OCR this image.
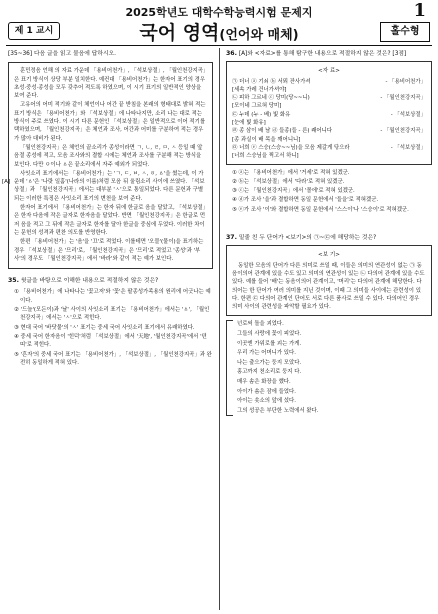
2025학년도 대학수학능력시험 문제지	1
제 1 교시	국어 영역(언어와 매체)	홀수형
[35~36] 다음 글을 읽고 물음에 답하시오.
[A]

훈민정음 언해 의 자료 가운데 「용비어천가」, 「석보상절」, 「월인천강지곡」은 표기 방식이 상당 부분 일치한다. 예컨대 「용비어천가」는 한자어 표기의 경우 초성·중성·종성을 모두 갖추어 적도록 하였으며, 이 시기 표기의 일반적인 양상을 보여 준다.

고유어의 어미 적기와 같이 체언이나 어간 끝 받침을 본래의 형태대로 밝혀 적는 표기 방식은 「용비어천가」와 「석보상절」에 나타나지만, 소리 나는 대로 적는 방식이 주로 쓰였다. 이 시기 다른 문헌인 「석보상절」은 일반적으로 이어 적기를 택하였으며, 「월인천강지곡」은 체언과 조사, 어간과 어미를 구분하여 적는 경우가 많아 대비가 된다.

「월인천강지곡」은 체언의 끝소리가 종성이라면 ㄱ, ㄴ, ㄹ, ㅁ, ㅅ 등일 때 앞 음절 종성에 적고, 모음 조사와의 결합 시에는 체언과 조사를 구분해 적는 방식을 보인다. 다만 ㅇ이나 ㅿ은 끝소리에서 자주 예외가 되었다.

사잇소리 표기에서는 「용비어천가」는 'ㄱ, ㄷ, ㅂ, ㅅ, ㆆ, ㅿ'을 썼는데, 이 가운데 'ㅿ'은 '나랏 일홈'(나라의 이름)처럼 모음 뒤 울림소리 사이에 쓰였다. 「석보상절」과 「월인천강지곡」에서는 대부분 'ㅅ'으로 통일되었다. 다른 문헌과 구별되는 이러한 특징은 사잇소리 표기의 변천을 보여 준다.

한자어 표기에서 「용비어천가」는 한자 뒤에 한글로 음을 달았고, 「석보상절」은 한자 다음에 작은 글자로 한자음을 달았다. 반면 「월인천강지곡」은 한글로 먼저 음을 적고 그 뒤에 작은 글자로 한자를 달아 한글을 중심에 두었다. 이러한 차이는 문헌의 성격과 편찬 의도를 반영한다.

한편 「용비어천가」는 '음'을 '끄'로 적었다. 이를테면 '오믈'(물이)을 표기하는 경우 「석보상절」은 '므리'로, 「월인천강지곡」은 '므리'로 적었고 '종성'과 '부사'의 경우도 「월인천강지곡」에서 '바라'와 같이 적는 예가 보인다.

35. 윗글을 바탕으로 이해한 내용으로 적절하지 않은 것은?
① 「용비어천가」에 나타나는 '꽃고저'와 '꽃'은 팔종성가족용의 원리에 어긋나는 예이다.
② '드늘'(모든이)과 '날' 사이의 사잇소리 표기는 「용비어천가」에서는 'ㅿ', 「월인천강지곡」에서는 'ㅅ'으로 적힌다.
③ 현대 국어 '바닷물'의 'ㅅ' 표기는 중세 국어 사잇소리 표기에서 유래하였다.
④ 중세 국어 한자음이 '힌덕'처럼 「석보상절」에서 '天地', '월인천강지곡'에서 '텬띠'로 적힌다.
⑤ '흔자'의 중세 국어 표기는 「용비어천가」, 「석보상절」, 「월인천강지곡」과 완전히 동일하게 적혀 있다.
36. [A]와 <자료>를 통해 탐구한 내용으로 적절하지 않은 것은? [3점]
<자 료>
㉠ 더너 ⓐ 기쇠 ⓑ 서뫼 잔사가셔	- 「용비어천가」
[세속 가레 건너가셔야]
㉡ 피하 그르네 ⓒ 당미(당~~니)	- 「월인천강지곡」
[모이네 그르혀 당미]
㉢ 누데 (누 - 베) 빛 화유	- 「석보상절」
[눈에 빛 화유]
㉣ 종 삼이 배 남 ⓓ 들종(들 - 른) 쾌어니다	- 「월인천강지곡」
[종 과실이 배 목을 깨어니니]
㉤ 너희 ⓔ 스승(스승~~님)을 모음 제갈게 닦으라	- 「석보상절」
[너희 스승님을 찍고서 하니]
① ⓐ는 「용비어천가」에서 '거세'로 적혀 있겠군.
② ⓑ는 「석보상절」에서 '다라'로 적혀 있겠군.
③ ⓒ는 「월인천강지곡」에서 '몰에'로 적혀 있겠군.
④ ⓓ가 조사 '을'과 결합하면 동일 문헌에서 '들을'로 적혀겠군.
⑤ ⓔ가 조사 '이'와 결합하면 동일 문헌에서 '스스이'나 '스승이'로 적혀겠군.
37. 밑줄 친 두 단어가 <보기>의 ㉠~㉢에 해당하는 것은?
<보 기>

동일한 모음의 단어가 다른 의미로 쓰일 때, 이들은 의미의 연관성이 없는 ㉠ 동음이의어 관계에 있을 수도 있고 의미의 연관성이 있는 ㉡ 다의어 관계에 있을 수도 있다. 예를 들어 '배'는 동음이의어 관계이고, '머리'는 다의어 관계에 해당한다. 다의어는 한 단어가 여러 의미를 지닌 것이며, 이때 그 의미들 사이에는 관련성이 있다. 한편 ㉢ 다의어 관계인 단어도 서로 다른 품사로 쓰일 수 있다. 다의어인 경우 의미 사이의 관련성을 파악할 필요가 있다.

넌로써 돌을 괴었다.
그들의 사랑에 꽃이 피었다.
이곳엔 가위로를 괴는 가게.
우리 가는 어머니가 있다.
나는 출으가는 둥지 모았다.
홍고까지 천소리로 둥지 다.
매우 솜은 화장을 했다.
아이가 솜은 잠에 들었다.
아이는 솟소의 앞에 섰다.
그의 성공은 부단한 노력에서 왔다.
